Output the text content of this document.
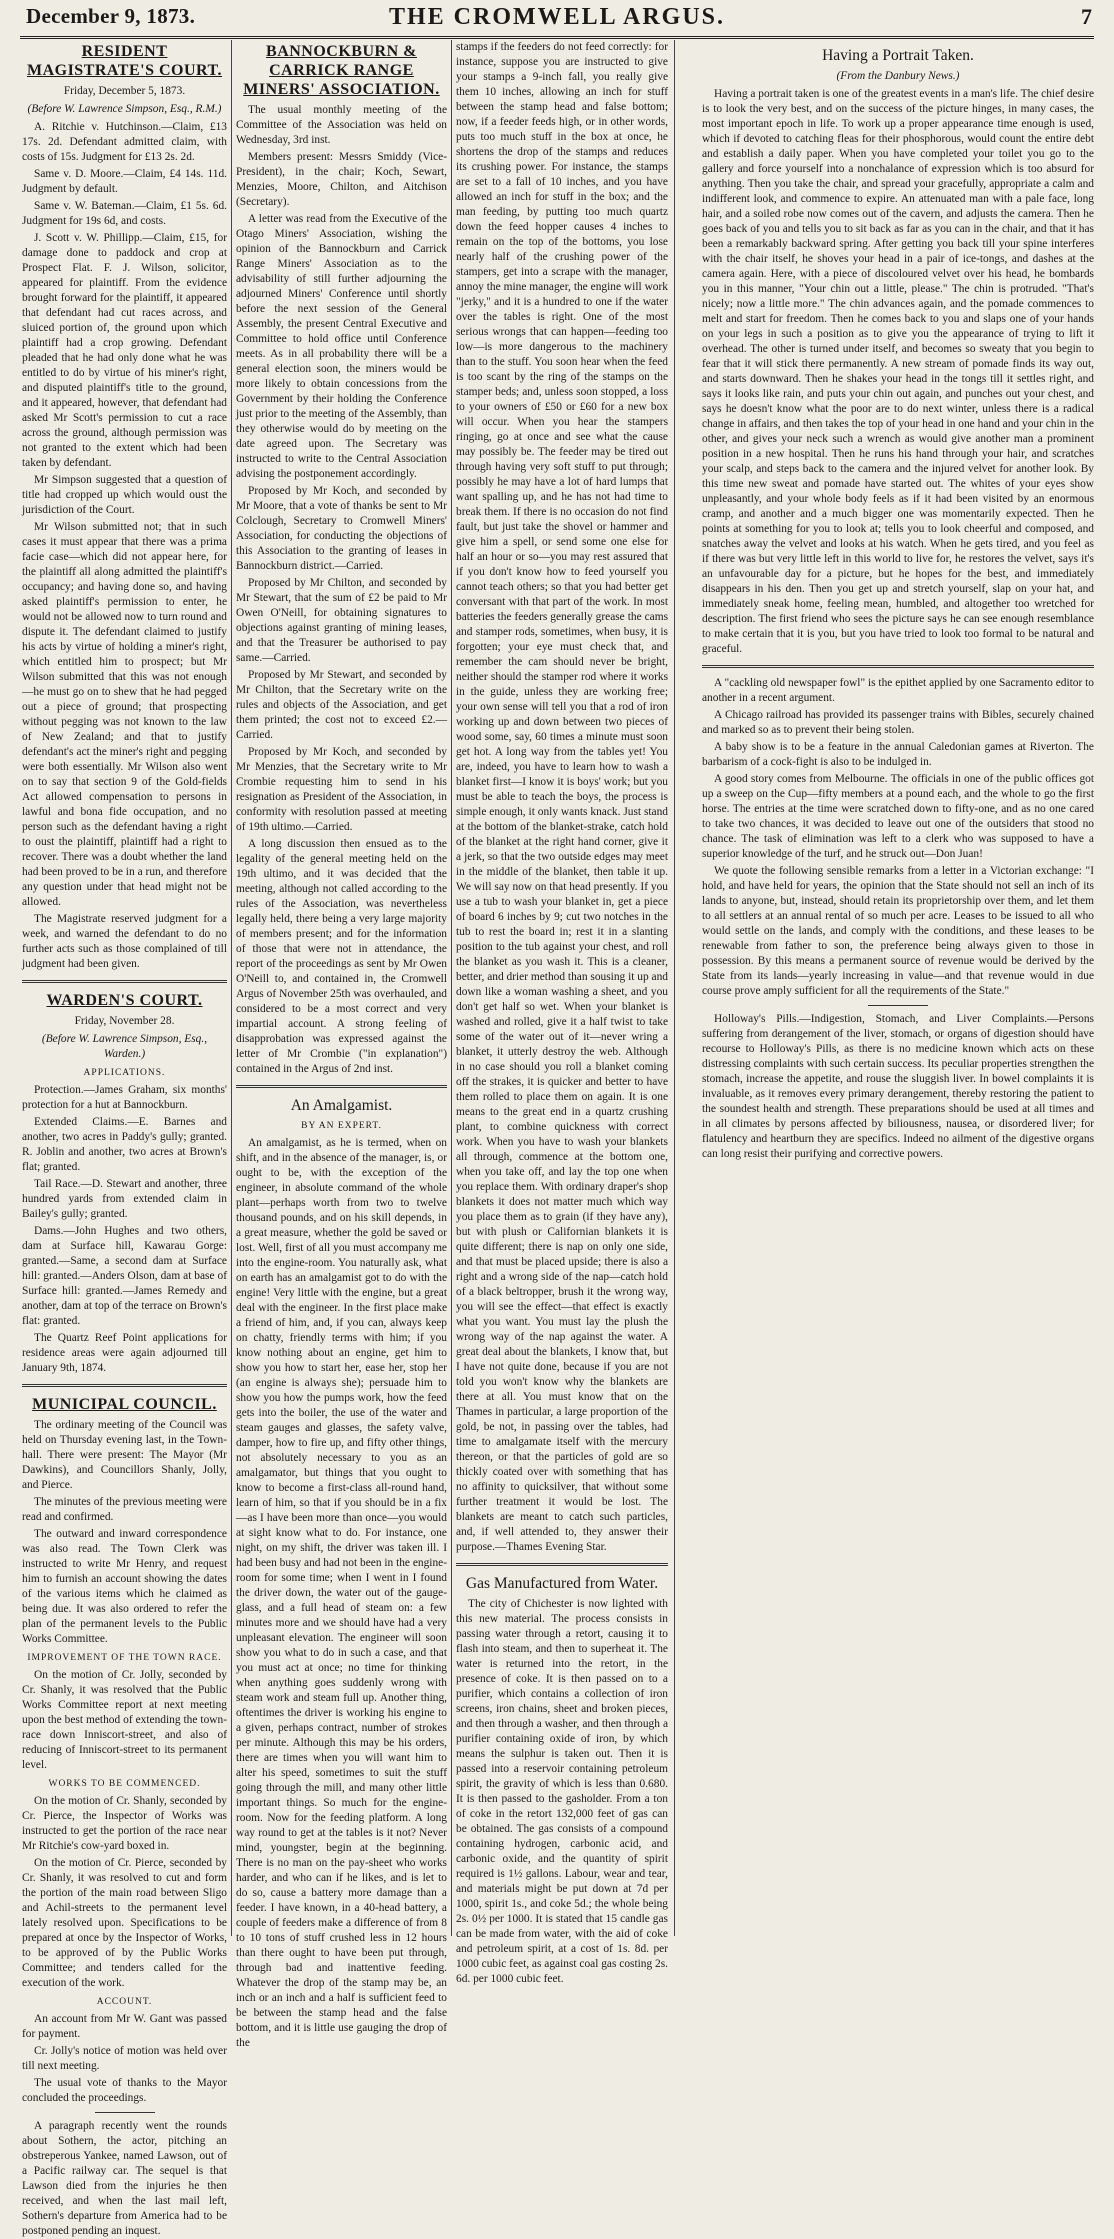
December 9, 1873.	THE CROMWELL ARGUS.	7
RESIDENT MAGISTRATE'S COURT.
Friday, December 5, 1873.
(Before W. Lawrence Simpson, Esq., R.M.)

A. Ritchie v. Hutchinson.—Claim, £13 17s. 2d. Defendant admitted claim, with costs of 15s. Judgment for £13 2s. 2d.

Same v. D. Moore.—Claim, £4 14s. 11d. Judgment by default.

Same v. W. Bateman.—Claim, £1 5s. 6d. Judgment for 19s 6d, and costs.

J. Scott v. W. Phillipp.—Claim, £15, for damage done to paddock and crop at Prospect Flat. F. J. Wilson, solicitor, appeared for plaintiff. From the evidence brought forward for the plaintiff, it appeared that defendant had cut races across, and sluiced portion of, the ground upon which plaintiff had a crop growing. Defendant pleaded that he had only done what he was entitled to do by virtue of his miner's right, and disputed plaintiff's title to the ground, and it appeared, however, that defendant had asked Mr Scott's permission to cut a race across the ground, although permission was not granted to the extent which had been taken by defendant.

Mr Simpson suggested that a question of title had cropped up which would oust the jurisdiction of the Court.

Mr Wilson submitted not; that in such cases it must appear that there was a prima facie case—which did not appear here, for the plaintiff all along admitted the plaintiff's occupancy; and having done so, and having asked plaintiff's permission to enter, he would not be allowed now to turn round and dispute it. The defendant claimed to justify his acts by virtue of holding a miner's right, which entitled him to prospect; but Mr Wilson submitted that this was not enough—he must go on to shew that he had pegged out a piece of ground; that prospecting without pegging was not known to the law of New Zealand; and that to justify defendant's act the miner's right and pegging were both essentially. Mr Wilson also went on to say that section 9 of the Gold-fields Act allowed compensation to persons in lawful and bona fide occupation, and no person such as the defendant having a right to oust the plaintiff, plaintiff had a right to recover. There was a doubt whether the land had been proved to be in a run, and therefore any question under that head might not be allowed.

The Magistrate reserved judgment for a week, and warned the defendant to do no further acts such as those complained of till judgment had been given.

WARDEN'S COURT.
Friday, November 28.
(Before W. Lawrence Simpson, Esq., Warden.)
APPLICATIONS.

Protection.—James Graham, six months' protection for a hut at Bannockburn.

Extended Claims.—E. Barnes and another, two acres in Paddy's gully; granted. R. Joblin and another, two acres at Brown's flat; granted.

Tail Race.—D. Stewart and another, three hundred yards from extended claim in Bailey's gully; granted.

Dams.—John Hughes and two others, dam at Surface hill, Kawarau Gorge: granted.—Same, a second dam at Surface hill: granted.—Anders Olson, dam at base of Surface hill: granted.—James Remedy and another, dam at top of the terrace on Brown's flat: granted.

The Quartz Reef Point applications for residence areas were again adjourned till January 9th, 1874.

MUNICIPAL COUNCIL.

The ordinary meeting of the Council was held on Thursday evening last, in the Town-hall. There were present: The Mayor (Mr Dawkins), and Councillors Shanly, Jolly, and Pierce.

The minutes of the previous meeting were read and confirmed.

The outward and inward correspondence was also read. The Town Clerk was instructed to write Mr Henry, and request him to furnish an account showing the dates of the various items which he claimed as being due. It was also ordered to refer the plan of the permanent levels to the Public Works Committee.

IMPROVEMENT OF THE TOWN RACE.

On the motion of Cr. Jolly, seconded by Cr. Shanly, it was resolved that the Public Works Committee report at next meeting upon the best method of extending the town-race down Inniscort-street, and also of reducing of Inniscort-street to its permanent level.

WORKS TO BE COMMENCED.

On the motion of Cr. Shanly, seconded by Cr. Pierce, the Inspector of Works was instructed to get the portion of the race near Mr Ritchie's cow-yard boxed in.

On the motion of Cr. Pierce, seconded by Cr. Shanly, it was resolved to cut and form the portion of the main road between Sligo and Achil-streets to the permanent level lately resolved upon. Specifications to be prepared at once by the Inspector of Works, to be approved of by the Public Works Committee; and tenders called for the execution of the work.

ACCOUNT.

An account from Mr W. Gant was passed for payment.

Cr. Jolly's notice of motion was held over till next meeting.

The usual vote of thanks to the Mayor concluded the proceedings.

A paragraph recently went the rounds about Sothern, the actor, pitching an obstreperous Yankee, named Lawson, out of a Pacific railway car. The sequel is that Lawson died from the injuries he then received, and when the last mail left, Sothern's departure from America had to be postponed pending an inquest.

BANNOCKBURN & CARRICK RANGE MINERS' ASSOCIATION.

The usual monthly meeting of the Committee of the Association was held on Wednesday, 3rd inst.

Members present: Messrs Smiddy (Vice-President), in the chair; Koch, Sewart, Menzies, Moore, Chilton, and Aitchison (Secretary).

A letter was read from the Executive of the Otago Miners' Association, wishing the opinion of the Bannockburn and Carrick Range Miners' Association as to the advisability of still further adjourning the adjourned Miners' Conference until shortly before the next session of the General Assembly, the present Central Executive and Committee to hold office until Conference meets. As in all probability there will be a general election soon, the miners would be more likely to obtain concessions from the Government by their holding the Conference just prior to the meeting of the Assembly, than they otherwise would do by meeting on the date agreed upon. The Secretary was instructed to write to the Central Association advising the postponement accordingly.

Proposed by Mr Koch, and seconded by Mr Moore, that a vote of thanks be sent to Mr Colclough, Secretary to Cromwell Miners' Association, for conducting the objections of this Association to the granting of leases in Bannockburn district.—Carried.

Proposed by Mr Chilton, and seconded by Mr Stewart, that the sum of £2 be paid to Mr Owen O'Neill, for obtaining signatures to objections against granting of mining leases, and that the Treasurer be authorised to pay same.—Carried.

Proposed by Mr Stewart, and seconded by Mr Chilton, that the Secretary write on the rules and objects of the Association, and get them printed; the cost not to exceed £2.—Carried.

Proposed by Mr Koch, and seconded by Mr Menzies, that the Secretary write to Mr Crombie requesting him to send in his resignation as President of the Association, in conformity with resolution passed at meeting of 19th ultimo.—Carried.

A long discussion then ensued as to the legality of the general meeting held on the 19th ultimo, and it was decided that the meeting, although not called according to the rules of the Association, was nevertheless legally held, there being a very large majority of members present; and for the information of those that were not in attendance, the report of the proceedings as sent by Mr Owen O'Neill to, and contained in, the Cromwell Argus of November 25th was overhauled, and considered to be a most correct and very impartial account. A strong feeling of disapprobation was expressed against the letter of Mr Crombie ("in explanation") contained in the Argus of 2nd inst.

An Amalgamist.
BY AN EXPERT.

An amalgamist, as he is termed, when on shift, and in the absence of the manager, is, or ought to be, with the exception of the engineer, in absolute command of the whole plant—perhaps worth from two to twelve thousand pounds, and on his skill depends, in a great measure, whether the gold be saved or lost. Well, first of all you must accompany me into the engine-room. You naturally ask, what on earth has an amalgamist got to do with the engine! Very little with the engine, but a great deal with the engineer. In the first place make a friend of him, and, if you can, always keep on chatty, friendly terms with him; if you know nothing about an engine, get him to show you how to start her, ease her, stop her (an engine is always she); persuade him to show you how the pumps work, how the feed gets into the boiler, the use of the water and steam gauges and glasses, the safety valve, damper, how to fire up, and fifty other things, not absolutely necessary to you as an amalgamator, but things that you ought to know to become a first-class all-round hand, learn of him, so that if you should be in a fix—as I have been more than once—you would at sight know what to do. For instance, one night, on my shift, the driver was taken ill. I had been busy and had not been in the engine-room for some time; when I went in I found the driver down, the water out of the gauge-glass, and a full head of steam on: a few minutes more and we should have had a very unpleasant elevation. The engineer will soon show you what to do in such a case, and that you must act at once; no time for thinking when anything goes suddenly wrong with steam work and steam full up. Another thing, oftentimes the driver is working his engine to a given, perhaps contract, number of strokes per minute. Although this may be his orders, there are times when you will want him to alter his speed, sometimes to suit the stuff going through the mill, and many other little important things. So much for the engine-room. Now for the feeding platform. A long way round to get at the tables is it not? Never mind, youngster, begin at the beginning. There is no man on the pay-sheet who works harder, and who can if he likes, and is let to do so, cause a battery more damage than a feeder. I have known, in a 40-head battery, a couple of feeders make a difference of from 8 to 10 tons of stuff crushed less in 12 hours than there ought to have been put through, through bad and inattentive feeding. Whatever the drop of the stamp may be, an inch or an inch and a half is sufficient feed to be between the stamp head and the false bottom, and it is little use gauging the drop of the

stamps if the feeders do not feed correctly: for instance, suppose you are instructed to give your stamps a 9-inch fall, you really give them 10 inches, allowing an inch for stuff between the stamp head and false bottom; now, if a feeder feeds high, or in other words, puts too much stuff in the box at once, he shortens the drop of the stamps and reduces its crushing power. For instance, the stamps are set to a fall of 10 inches, and you have allowed an inch for stuff in the box; and the man feeding, by putting too much quartz down the feed hopper causes 4 inches to remain on the top of the bottoms, you lose nearly half of the crushing power of the stampers, get into a scrape with the manager, annoy the mine manager, the engine will work "jerky," and it is a hundred to one if the water over the tables is right. One of the most serious wrongs that can happen—feeding too low—is more dangerous to the machinery than to the stuff. You soon hear when the feed is too scant by the ring of the stamps on the stamper beds; and, unless soon stopped, a loss to your owners of £50 or £60 for a new box will occur. When you hear the stampers ringing, go at once and see what the cause may possibly be. The feeder may be tired out through having very soft stuff to put through; possibly he may have a lot of hard lumps that want spalling up, and he has not had time to break them. If there is no occasion do not find fault, but just take the shovel or hammer and give him a spell, or send some one else for half an hour or so—you may rest assured that if you don't know how to feed yourself you cannot teach others; so that you had better get conversant with that part of the work. In most batteries the feeders generally grease the cams and stamper rods, sometimes, when busy, it is forgotten; your eye must check that, and remember the cam should never be bright, neither should the stamper rod where it works in the guide, unless they are working free; your own sense will tell you that a rod of iron working up and down between two pieces of wood some, say, 60 times a minute must soon get hot. A long way from the tables yet! You are, indeed, you have to learn how to wash a blanket first—I know it is boys' work; but you must be able to teach the boys, the process is simple enough, it only wants knack. Just stand at the bottom of the blanket-strake, catch hold of the blanket at the right hand corner, give it a jerk, so that the two outside edges may meet in the middle of the blanket, then table it up. We will say now on that head presently. If you use a tub to wash your blanket in, get a piece of board 6 inches by 9; cut two notches in the tub to rest the board in; rest it in a slanting position to the tub against your chest, and roll the blanket as you wash it. This is a cleaner, better, and drier method than sousing it up and down like a woman washing a sheet, and you don't get half so wet. When your blanket is washed and rolled, give it a half twist to take some of the water out of it—never wring a blanket, it utterly destroy the web. Although in no case should you roll a blanket coming off the strakes, it is quicker and better to have them rolled to place them on again. It is one means to the great end in a quartz crushing plant, to combine quickness with correct work. When you have to wash your blankets all through, commence at the bottom one, when you take off, and lay the top one when you replace them. With ordinary draper's shop blankets it does not matter much which way you place them as to grain (if they have any), but with plush or Californian blankets it is quite different; there is nap on only one side, and that must be placed upside; there is also a right and a wrong side of the nap—catch hold of a black beltropper, brush it the wrong way, you will see the effect—that effect is exactly what you want. You must lay the plush the wrong way of the nap against the water. A great deal about the blankets, I know that, but I have not quite done, because if you are not told you won't know why the blankets are there at all. You must know that on the Thames in particular, a large proportion of the gold, be not, in passing over the tables, had time to amalgamate itself with the mercury thereon, or that the particles of gold are so thickly coated over with something that has no affinity to quicksilver, that without some further treatment it would be lost. The blankets are meant to catch such particles, and, if well attended to, they answer their purpose.—Thames Evening Star.

Gas Manufactured from Water.

The city of Chichester is now lighted with this new material. The process consists in passing water through a retort, causing it to flash into steam, and then to superheat it. The water is returned into the retort, in the presence of coke. It is then passed on to a purifier, which contains a collection of iron screens, iron chains, sheet and broken pieces, and then through a washer, and then through a purifier containing oxide of iron, by which means the sulphur is taken out. Then it is passed into a reservoir containing petroleum spirit, the gravity of which is less than 0.680. It is then passed to the gasholder. From a ton of coke in the retort 132,000 feet of gas can be obtained. The gas consists of a compound containing hydrogen, carbonic acid, and carbonic oxide, and the quantity of spirit required is 1½ gallons. Labour, wear and tear, and materials might be put down at 7d per 1000, spirit 1s., and coke 5d.; the whole being 2s. 0½ per 1000. It is stated that 15 candle gas can be made from water, with the aid of coke and petroleum spirit, at a cost of 1s. 8d. per 1000 cubic feet, as against coal gas costing 2s. 6d. per 1000 cubic feet.

Having a Portrait Taken.
(From the Danbury News.)

Having a portrait taken is one of the greatest events in a man's life. The chief desire is to look the very best, and on the success of the picture hinges, in many cases, the most important epoch in life. To work up a proper appearance time enough is used, which if devoted to catching fleas for their phosphorous, would count the entire debt and establish a daily paper. When you have completed your toilet you go to the gallery and force yourself into a nonchalance of expression which is too absurd for anything. Then you take the chair, and spread your gracefully, appropriate a calm and indifferent look, and commence to expire. An attenuated man with a pale face, long hair, and a soiled robe now comes out of the cavern, and adjusts the camera. Then he goes back of you and tells you to sit back as far as you can in the chair, and that it has been a remarkably backward spring. After getting you back till your spine interferes with the chair itself, he shoves your head in a pair of ice-tongs, and dashes at the camera again. Here, with a piece of discoloured velvet over his head, he bombards you in this manner, "Your chin out a little, please." The chin is protruded. "That's nicely; now a little more." The chin advances again, and the pomade commences to melt and start for freedom. Then he comes back to you and slaps one of your hands on your legs in such a position as to give you the appearance of trying to lift it overhead. The other is turned under itself, and becomes so sweaty that you begin to fear that it will stick there permanently. A new stream of pomade finds its way out, and starts downward. Then he shakes your head in the tongs till it settles right, and says it looks like rain, and puts your chin out again, and punches out your chest, and says he doesn't know what the poor are to do next winter, unless there is a radical change in affairs, and then takes the top of your head in one hand and your chin in the other, and gives your neck such a wrench as would give another man a prominent position in a new hospital. Then he runs his hand through your hair, and scratches your scalp, and steps back to the camera and the injured velvet for another look. By this time new sweat and pomade have started out. The whites of your eyes show unpleasantly, and your whole body feels as if it had been visited by an enormous cramp, and another and a much bigger one was momentarily expected. Then he points at something for you to look at; tells you to look cheerful and composed, and snatches away the velvet and looks at his watch. When he gets tired, and you feel as if there was but very little left in this world to live for, he restores the velvet, says it's an unfavourable day for a picture, but he hopes for the best, and immediately disappears in his den. Then you get up and stretch yourself, slap on your hat, and immediately sneak home, feeling mean, humbled, and altogether too wretched for description. The first friend who sees the picture says he can see enough resemblance to make certain that it is you, but you have tried to look too formal to be natural and graceful.

A "cackling old newspaper fowl" is the epithet applied by one Sacramento editor to another in a recent argument.

A Chicago railroad has provided its passenger trains with Bibles, securely chained and marked so as to prevent their being stolen.

A baby show is to be a feature in the annual Caledonian games at Riverton. The barbarism of a cock-fight is also to be indulged in.

A good story comes from Melbourne. The officials in one of the public offices got up a sweep on the Cup—fifty members at a pound each, and the whole to go the first horse. The entries at the time were scratched down to fifty-one, and as no one cared to take two chances, it was decided to leave out one of the outsiders that stood no chance. The task of elimination was left to a clerk who was supposed to have a superior knowledge of the turf, and he struck out—Don Juan!

We quote the following sensible remarks from a letter in a Victorian exchange: "I hold, and have held for years, the opinion that the State should not sell an inch of its lands to anyone, but, instead, should retain its proprietorship over them, and let them to all settlers at an annual rental of so much per acre. Leases to be issued to all who would settle on the lands, and comply with the conditions, and these leases to be renewable from father to son, the preference being always given to those in possession. By this means a permanent source of revenue would be derived by the State from its lands—yearly increasing in value—and that revenue would in due course prove amply sufficient for all the requirements of the State."

Holloway's Pills.—Indigestion, Stomach, and Liver Complaints.—Persons suffering from derangement of the liver, stomach, or organs of digestion should have recourse to Holloway's Pills, as there is no medicine known which acts on these distressing complaints with such certain success. Its peculiar properties strengthen the stomach, increase the appetite, and rouse the sluggish liver. In bowel complaints it is invaluable, as it removes every primary derangement, thereby restoring the patient to the soundest health and strength. These preparations should be used at all times and in all climates by persons affected by biliousness, nausea, or disordered liver; for flatulency and heartburn they are specifics. Indeed no ailment of the digestive organs can long resist their purifying and corrective powers.
